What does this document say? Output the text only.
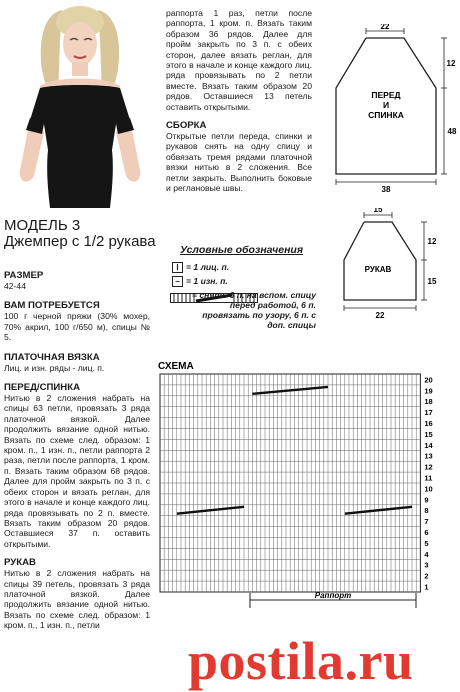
МОДЕЛЬ 3
Джемпер с 1/2 рукава
РАЗМЕР
42-44
ВАМ ПОТРЕБУЕТСЯ
100 г черной пряжи (30% мохер, 70% акрил, 100 г/650 м), спицы № 5.
ПЛАТОЧНАЯ ВЯЗКА
Лиц. и изн. ряды - лиц. п.
ПЕРЕД/СПИНКА
Нитью в 2 сложения набрать на спицы 63 петли, провязать 3 ряда платочной вязкой. Далее продолжить вязание одной нитью. Вязать по схеме след. образом: 1 кром. п., 1 изн. п., петли раппорта 2 раза, петли после раппорта, 1 кром. п. Вязать таким образом 68 рядов. Далее для пройм закрыть по 3 п. с обеих сторон и вязать реглан, для этого в начале и конце каждого лиц. ряда провязывать по 2 п. вместе. Вязать таким образом 20 рядов. Оставшиеся 37 п. оставить открытыми.
РУКАВ
Нитью в 2 сложения набрать на спицы 39 петель, провязать 3 ряда платочной вязкой. Далее продолжить вязание одной нитью. Вязать по схеме след. образом: 1 кром. п., 1 изн. п., петли
раппорта 1 раз, петли после раппорта, 1 кром. п. Вязать таким образом 36 рядов. Далее для пройм закрыть по 3 п. с обеих сторон, далее вязать реглан, для этого в начале и конце каждого лиц. ряда провязывать по 2 петли вместе. Вязать таким образом 20 рядов. Оставшиеся 13 петель оставить открытыми.
СБОРКА
Открытые петли переда, спинки и рукавов снять на одну спицу и обвязать тремя рядами платочной вязки нитью в 2 сложения. Все петли закрыть. Выполнить боковые и реглановые швы.
Условные обозначения
I = 1 лиц. п.
− = 1 изн. п.
= снять 6 п. на вспом. спицу перед работой, 6 п. провязать по узору, 6 п. с доп. спицы
22
38
12
48
ПЕРЕД
И
СПИНКА
15
22
12
15
РУКАВ
СХЕМА
20
19
18
17
16
15
14
13
12
11
10
9
8
7
6
5
4
3
2
1
Раппорт
postila.ru
